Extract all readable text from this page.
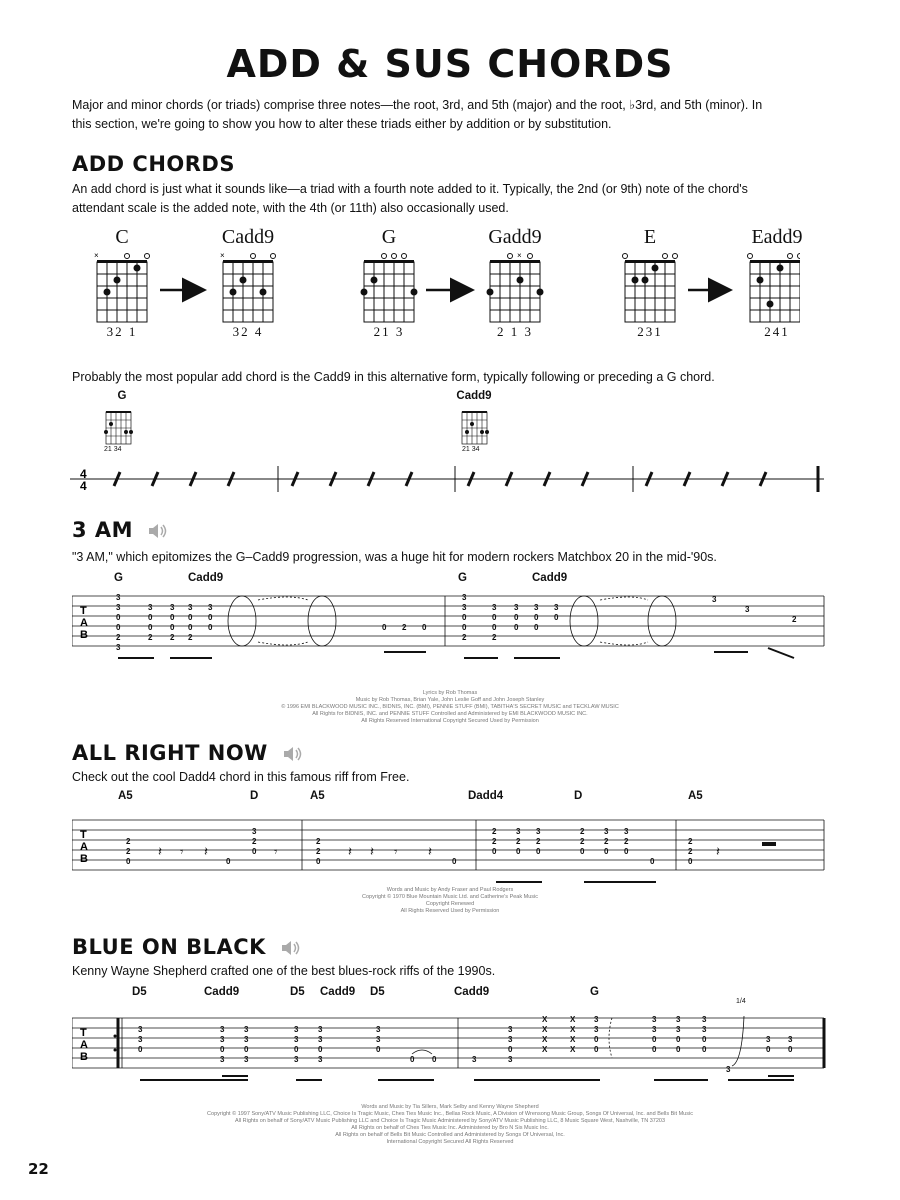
ADD & SUS CHORDS
Major and minor chords (or triads) comprise three notes—the root, 3rd, and 5th (major) and the root, ♭3rd, and 5th (minor). In
this section, we're going to show you how to alter these triads either by addition or by substitution.
ADD CHORDS
An add chord is just what it sounds like—a triad with a fourth note added to it. Typically, the 2nd (or 9th) note of the chord's
attendant scale is the added note, with the 4th (or 11th) also occasionally used.
C	Cadd9	G	Gadd9	E	Eadd9
×	×	×
32 1	32 4	21 3	2 1 3	231	241
Probably the most popular add chord is the Cadd9 in this alternative form, typically following or preceding a G chord.
G	Cadd9
21 34	21 34
4
4
3 AM
"3 AM," which epitomizes the G–Cadd9 progression, was a huge hit for modern rockers Matchbox 20 in the mid-'90s.
G	Cadd9	G	Cadd9
T
A
B
3
3
0
0
2
3
3
0
0
2
3
0
0
2
3
0
0
2
3
0
0	0 2 0
3
3
0
0
2
3
0
0
2
3
0
0
3
0
0
3
0
3
3
2
Lyrics by Rob Thomas
Music by Rob Thomas, Brian Yale, John Leslie Goff and John Joseph Stanley
© 1996 EMI BLACKWOOD MUSIC INC., BIDNIS, INC. (BMI), PENNIE STUFF (BMI), TABITHA'S SECRET MUSIC and TECKLAW MUSIC
All Rights for BIDNIS, INC. and PENNIE STUFF Controlled and Administered by EMI BLACKWOOD MUSIC INC.
All Rights Reserved International Copyright Secured Used by Permission
ALL RIGHT NOW
Check out the cool Dadd4 chord in this famous riff from Free.
A5	D	A5	Dadd4	D	A5
T
A
B
2
2
0	0
3
2
0
2
2
0	0
2
2
0
3
2
0
3
2
0
2
2
0
3
2
0
3
2
0
0
2
2
0
𝄽 𝄾 𝄽	𝄾	𝄽 𝄽 𝄾 𝄽	𝄽
Words and Music by Andy Fraser and Paul Rodgers
Copyright © 1970 Blue Mountain Music Ltd. and Catherine's Peak Music
Copyright Renewed
All Rights Reserved Used by Permission
BLUE ON BLACK
Kenny Wayne Shepherd crafted one of the best blues-rock riffs of the 1990s.
D5	Cadd9	D5 Cadd9 D5	Cadd9	G
1/4
T
A
B
3
3
0
3
3
0
3
3
3
0
3
3
3
0
3
3
3
0
3
3
3
0
0 0	3
3
3
0
3
X
X
X
X
X
X
X
X
3
3
0
0
3
3
0
0
3
3
0
0
3
3
0
0
3
3
0
3
0
Words and Music by Tia Sillers, Mark Selby and Kenny Wayne Shepherd
Copyright © 1997 Sony/ATV Music Publishing LLC, Choice Is Tragic Music, Ches Ties Music Inc., Bellas Rock Music, A Division of Wrensong Music Group, Songs Of Universal, Inc. and Bells Bit Music
All Rights on behalf of Sony/ATV Music Publishing LLC and Choice Is Tragic Music Administered by Sony/ATV Music Publishing LLC, 8 Music Square West, Nashville, TN 37203
All Rights on behalf of Ches Ties Music Inc. Administered by Bro N Sis Music Inc.
All Rights on behalf of Bells Bit Music Controlled and Administered by Songs Of Universal, Inc.
International Copyright Secured All Rights Reserved
22
